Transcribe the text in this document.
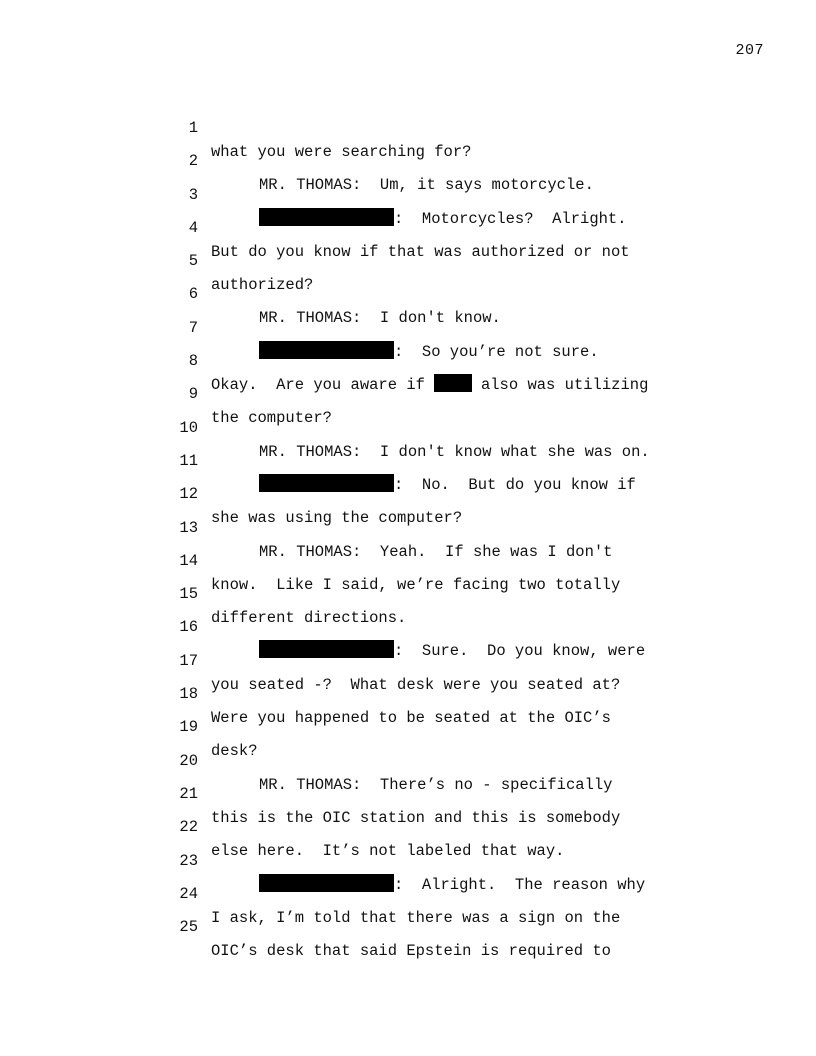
207

1

what you were searching for?

2

MR. THOMAS:  Um, it says motorcycle.

3

:  Motorcycles?  Alright.

4

But do you know if that was authorized or not

5

authorized?

6

MR. THOMAS:  I don't know.

7

:  So you’re not sure.

8

Okay.  Are you aware if	also was utilizing

9

the computer?

10

MR. THOMAS:  I don't know what she was on.

11

:  No.  But do you know if

12

she was using the computer?

13

MR. THOMAS:  Yeah.  If she was I don't

14

know.  Like I said, we’re facing two totally

15

different directions.

16

:  Sure.  Do you know, were

17

you seated -?  What desk were you seated at?

18

Were you happened to be seated at the OIC’s

19

desk?

20

MR. THOMAS:  There’s no - specifically

21

this is the OIC station and this is somebody

22

else here.  It’s not labeled that way.

23

:  Alright.  The reason why

24

I ask, I’m told that there was a sign on the

25

OIC’s desk that said Epstein is required to
